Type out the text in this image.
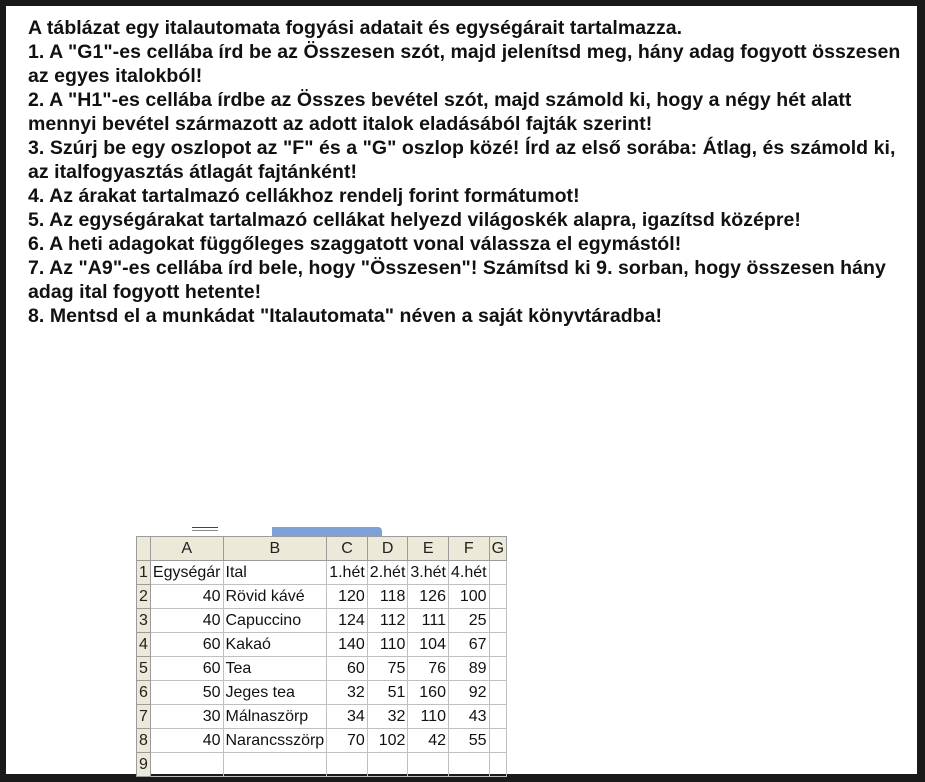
A táblázat egy italautomata fogyási adatait és egységárait tartalmazza.

1. A "G1"-es cellába írd be az Összesen szót, majd jelenítsd meg, hány adag fogyott összesen az egyes italokból!

2. A "H1"-es cellába írdbe az Összes bevétel szót, majd számold ki, hogy a négy hét alatt mennyi bevétel származott az adott italok eladásából fajták szerint!

3. Szúrj be egy oszlopot az "F" és a "G" oszlop közé! Írd az első sorába: Átlag, és számold ki, az italfogyasztás átlagát fajtánként!

4. Az árakat tartalmazó cellákhoz rendelj forint formátumot!

5. Az egységárakat tartalmazó cellákat helyezd világoskék alapra, igazítsd középre!

6. A heti adagokat függőleges szaggatott vonal válassza el egymástól!

7. Az "A9"-es cellába írd bele, hogy "Összesen"! Számítsd ki 9. sorban, hogy összesen hány adag ital fogyott hetente!

8. Mentsd el a munkádat "Italautomata" néven a saját könyvtáradba!

	A	B	C	D	E	F	G
1	Egységár	Ital	1.hét	2.hét	3.hét	4.hét	
2	40	Rövid kávé	120	118	126	100	
3	40	Capuccino	124	112	111	25	
4	60	Kakaó	140	110	104	67	
5	60	Tea	60	75	76	89	
6	50	Jeges tea	32	51	160	92	
7	30	Málnaszörp	34	32	110	43	
8	40	Narancsszörp	70	102	42	55	
9							
